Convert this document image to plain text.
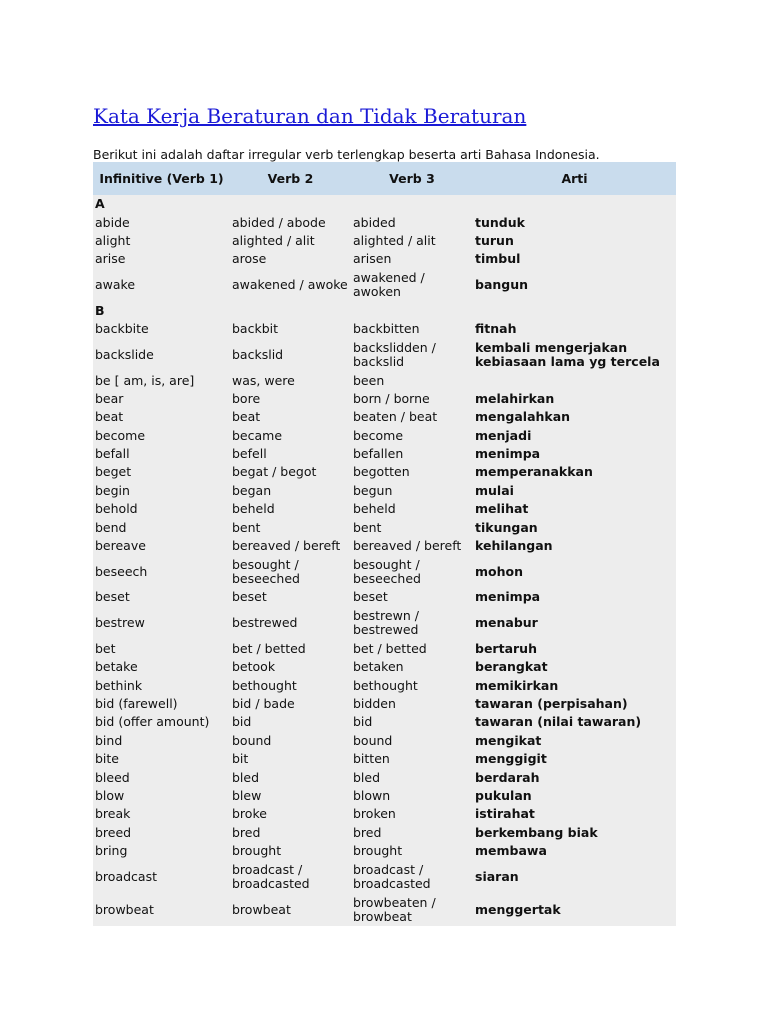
Kata Kerja Beraturan dan Tidak Beraturan

Berikut ini adalah daftar irregular verb terlengkap beserta arti Bahasa Indonesia.

Infinitive (Verb 1)	Verb 2	Verb 3	Arti
A			
abide	abided / abode	abided	tunduk
alight	alighted / alit	alighted / alit	turun
arise	arose	arisen	timbul
awake	awakened / awoke	awakened / awoken	bangun
B			
backbite	backbit	backbitten	fitnah
backslide	backslid	backslidden / backslid	kembali mengerjakan kebiasaan lama yg tercela
be [ am, is, are]	was, were	been	
bear	bore	born / borne	melahirkan
beat	beat	beaten / beat	mengalahkan
become	became	become	menjadi
befall	befell	befallen	menimpa
beget	begat / begot	begotten	memperanakkan
begin	began	begun	mulai
behold	beheld	beheld	melihat
bend	bent	bent	tikungan
bereave	bereaved / bereft	bereaved / bereft	kehilangan
beseech	besought / beseeched	besought / beseeched	mohon
beset	beset	beset	menimpa
bestrew	bestrewed	bestrewn / bestrewed	menabur
bet	bet / betted	bet / betted	bertaruh
betake	betook	betaken	berangkat
bethink	bethought	bethought	memikirkan
bid (farewell)	bid / bade	bidden	tawaran (perpisahan)
bid (offer amount)	bid	bid	tawaran (nilai tawaran)
bind	bound	bound	mengikat
bite	bit	bitten	menggigit
bleed	bled	bled	berdarah
blow	blew	blown	pukulan
break	broke	broken	istirahat
breed	bred	bred	berkembang biak
bring	brought	brought	membawa
broadcast	broadcast / broadcasted	broadcast / broadcasted	siaran
browbeat	browbeat	browbeaten / browbeat	menggertak
